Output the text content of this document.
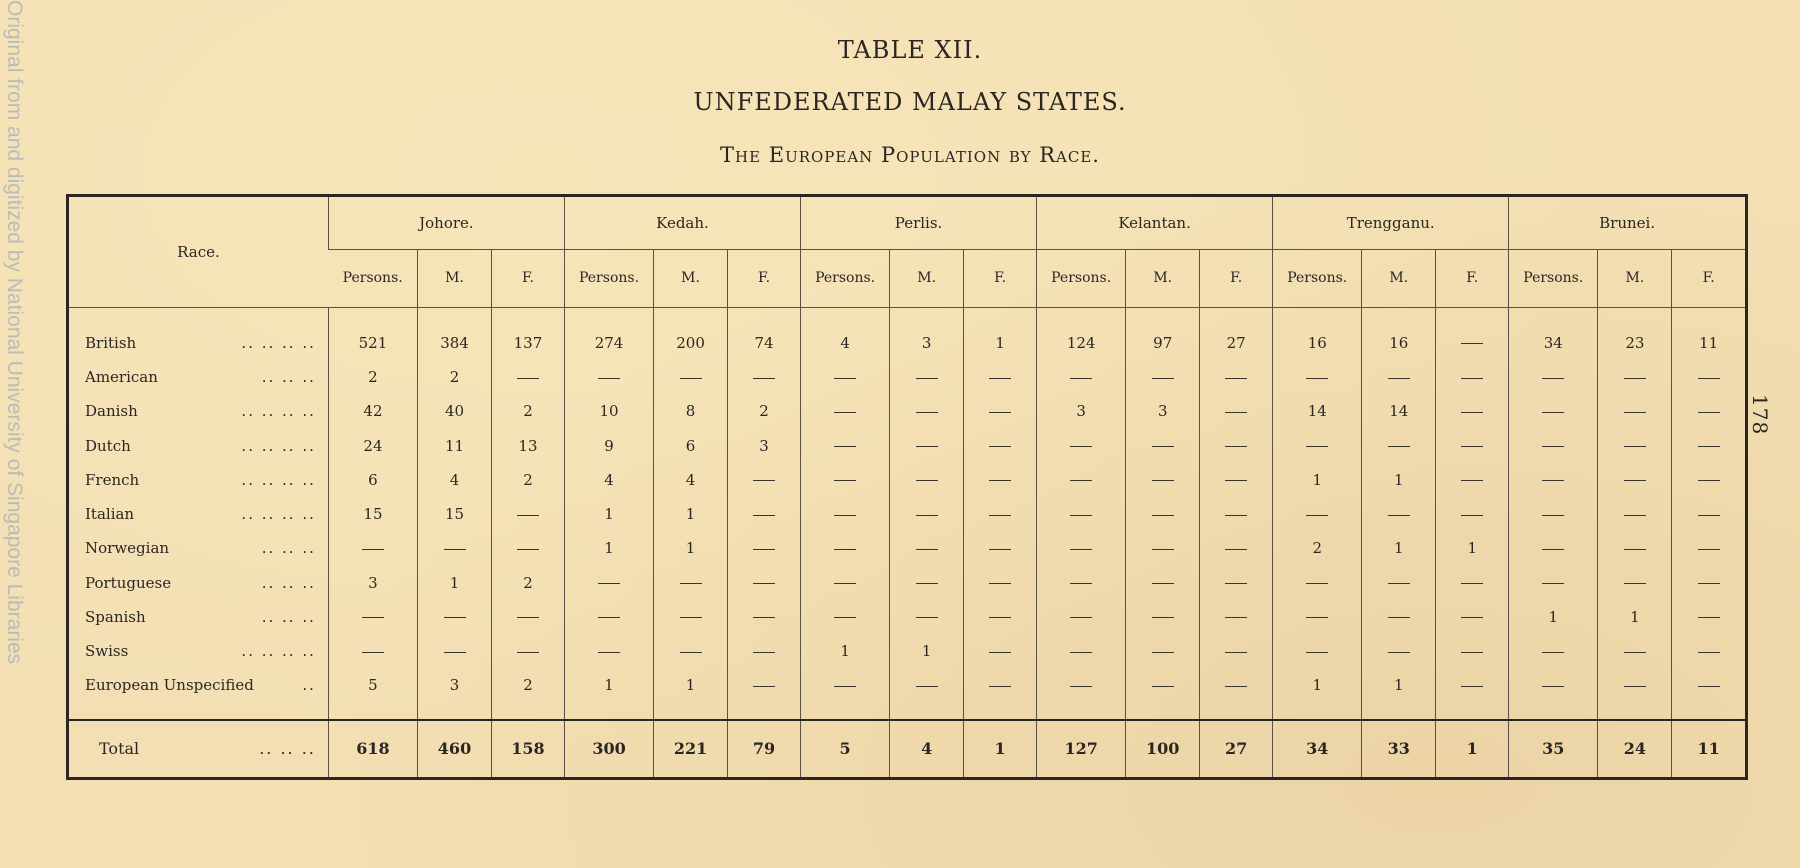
Original from and digitized by National University of Singapore Libraries	178
TABLE XII.
UNFEDERATED MALAY STATES.
The European Population by Race.
Race.	Johore.			Kedah.			Perlis.			Kelantan.			Trengganu.			Brunei.		
	Persons.	M.	F.	Persons.	M.	F.	Persons.	M.	F.	Persons.	M.	F.	Persons.	M.	F.	Persons.	M.	F.

British .. .. .. ..	521	384	137	274	200	74	4	3	1	124	97	27	16	16		34	23	11
American .. .. ..	2	2																
Danish .. .. .. ..	42	40	2	10	8	2				3	3		14	14				
Dutch .. .. .. ..	24	11	13	9	6	3												
French .. .. .. ..	6	4	2	4	4								1	1				
Italian .. .. .. ..	15	15		1	1													
Norwegian .. .. ..				1	1								2	1	1			
Portuguese .. .. ..	3	1	2															
Spanish .. .. ..																1	1	
Swiss .. .. .. ..							1	1										
European Unspecified ..	5	3	2	1	1								1	1				

Total .. .. ..	618	460	158	300	221	79	5	4	1	127	100	27	34	33	1	35	24	11
